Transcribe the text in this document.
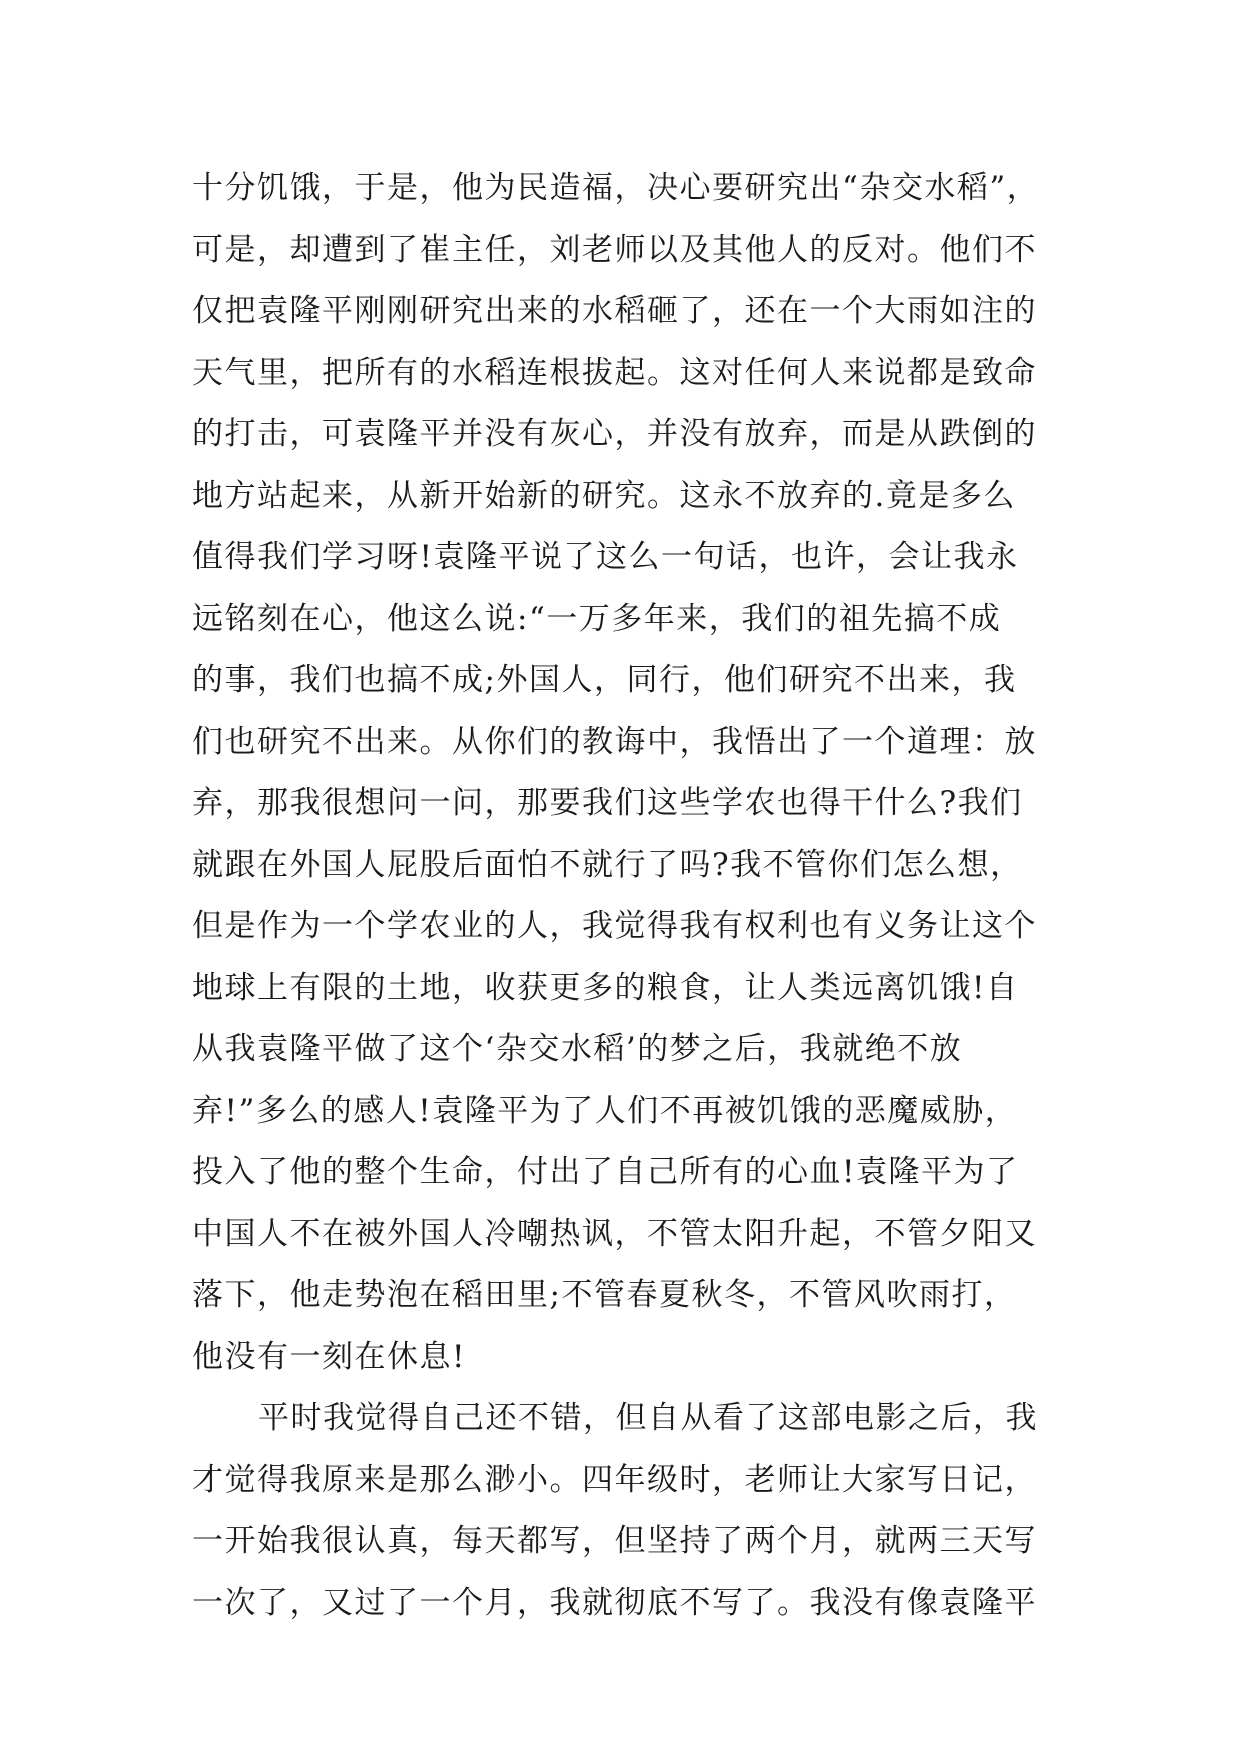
十分饥饿，于是，他为民造福，决心要研究出“杂交水稻”，
可是，却遭到了崔主任，刘老师以及其他人的反对。他们不
仅把袁隆平刚刚研究出来的水稻砸了，还在一个大雨如注的
天气里，把所有的水稻连根拔起。这对任何人来说都是致命
的打击，可袁隆平并没有灰心，并没有放弃，而是从跌倒的
地方站起来，从新开始新的研究。这永不放弃的.竟是多么
值得我们学习呀!袁隆平说了这么一句话，也许，会让我永
远铭刻在心，他这么说:“一万多年来，我们的祖先搞不成
的事，我们也搞不成;外国人，同行，他们研究不出来，我
们也研究不出来。从你们的教诲中，我悟出了一个道理：放
弃，那我很想问一问，那要我们这些学农也得干什么?我们
就跟在外国人屁股后面怕不就行了吗?我不管你们怎么想，
但是作为一个学农业的人，我觉得我有权利也有义务让这个
地球上有限的土地，收获更多的粮食，让人类远离饥饿!自
从我袁隆平做了这个‘杂交水稻’的梦之后，我就绝不放
弃!”多么的感人!袁隆平为了人们不再被饥饿的恶魔威胁，
投入了他的整个生命，付出了自己所有的心血!袁隆平为了
中国人不在被外国人冷嘲热讽，不管太阳升起，不管夕阳又
落下，他走势泡在稻田里;不管春夏秋冬，不管风吹雨打，
他没有一刻在休息!
平时我觉得自己还不错，但自从看了这部电影之后，我
才觉得我原来是那么渺小。四年级时，老师让大家写日记，
一开始我很认真，每天都写，但坚持了两个月，就两三天写
一次了，又过了一个月，我就彻底不写了。我没有像袁隆平
